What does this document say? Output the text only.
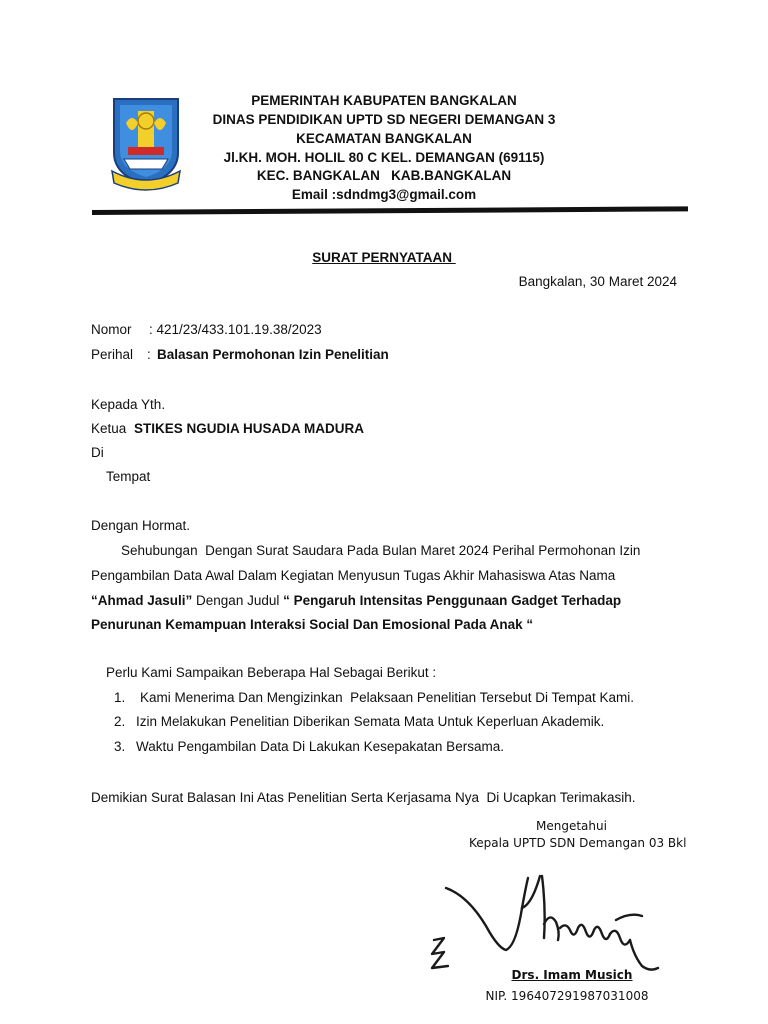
PEMERINTAH KABUPATEN BANGKALAN
DINAS PENDIDIKAN UPTD SD NEGERI DEMANGAN 3
KECAMATAN BANGKALAN
Jl.KH. MOH. HOLIL 80 C KEL. DEMANGAN (69115)
KEC. BANGKALAN   KAB.BANGKALAN
Email :sdndmg3@gmail.com
SURAT PERNYATAAN
Bangkalan, 30 Maret 2024
Nomor : 421/23/433.101.19.38/2023
Perihal : Balasan Permohonan Izin Penelitian
Kepada Yth.
Ketua STIKES NGUDIA HUSADA MADURA
Di
Tempat
Dengan Hormat.
Sehubungan  Dengan Surat Saudara Pada Bulan Maret 2024 Perihal Permohonan Izin
Pengambilan Data Awal Dalam Kegiatan Menyusun Tugas Akhir Mahasiswa Atas Nama
“Ahmad Jasuli” Dengan Judul “ Pengaruh Intensitas Penggunaan Gadget Terhadap
Penurunan Kemampuan Interaksi Social Dan Emosional Pada Anak “
Perlu Kami Sampaikan Beberapa Hal Sebagai Berikut :
1. Kami Menerima Dan Mengizinkan  Pelaksaan Penelitian Tersebut Di Tempat Kami.
2. Izin Melakukan Penelitian Diberikan Semata Mata Untuk Keperluan Akademik.
3. Waktu Pengambilan Data Di Lakukan Kesepakatan Bersama.
Demikian Surat Balasan Ini Atas Penelitian Serta Kerjasama Nya  Di Ucapkan Terimakasih.
Mengetahui
Kepala UPTD SDN Demangan 03 Bkl
Drs. Imam Musich
NIP. 196407291987031008
